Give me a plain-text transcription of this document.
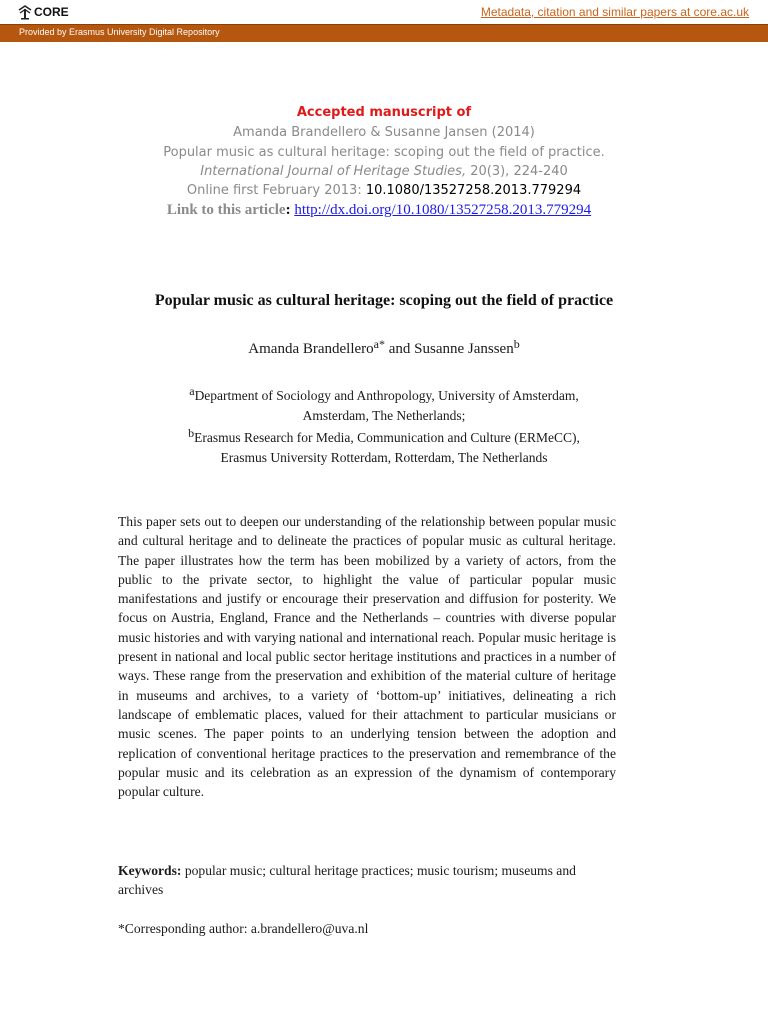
CORE	Metadata, citation and similar papers at core.ac.uk
Provided by Erasmus University Digital Repository
Accepted manuscript of
Amanda Brandellero & Susanne Jansen (2014)
Popular music as cultural heritage: scoping out the field of practice.
International Journal of Heritage Studies, 20(3), 224-240
Online first February 2013: 10.1080/13527258.2013.779294
Link to this article: http://dx.doi.org/10.1080/13527258.2013.779294
Popular music as cultural heritage: scoping out the field of practice
Amanda Brandellero$^{a*}$ and Susanne Janssen$^b$
aDepartment of Sociology and Anthropology, University of Amsterdam,
Amsterdam, The Netherlands;
bErasmus Research for Media, Communication and Culture (ERMeCC),
Erasmus University Rotterdam, Rotterdam, The Netherlands
This paper sets out to deepen our understanding of the relationship between popular music and cultural heritage and to delineate the practices of popular music as cultural heritage. The paper illustrates how the term has been mobilized by a variety of actors, from the public to the private sector, to highlight the value of particular popular music manifestations and justify or encourage their preservation and diffusion for posterity. We focus on Austria, England, France and the Netherlands – countries with diverse popular music histories and with varying national and international reach. Popular music heritage is present in national and local public sector heritage institutions and practices in a number of ways. These range from the preservation and exhibition of the material culture of heritage in museums and archives, to a variety of ‘bottom-up’ initiatives, delineating a rich landscape of emblematic places, valued for their attachment to particular musicians or music scenes. The paper points to an underlying tension between the adoption and replication of conventional heritage practices to the preservation and remembrance of the popular music and its celebration as an expression of the dynamism of contemporary popular culture.
Keywords: popular music; cultural heritage practices; music tourism; museums and archives
*Corresponding author: a.brandellero@uva.nl
